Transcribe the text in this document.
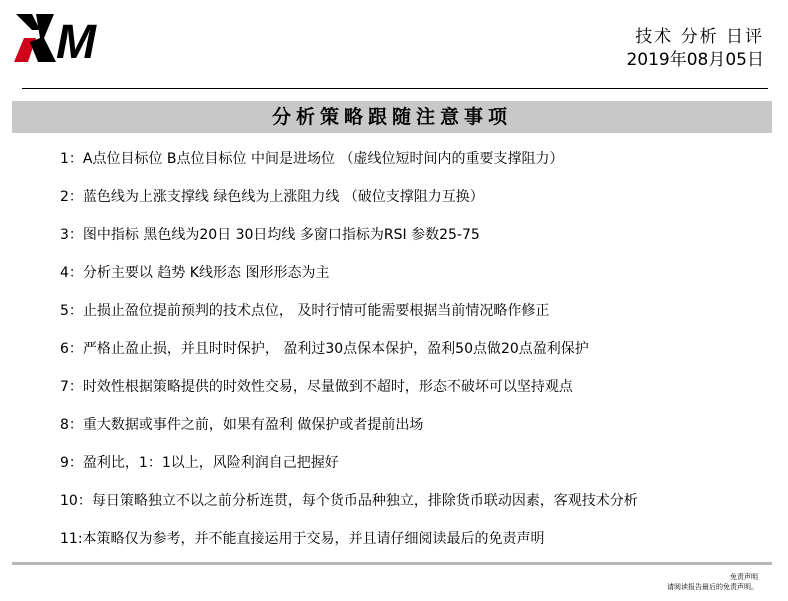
M	技术 分析 日评
2019年08月05日
分析策略跟随注意事项
1：A点位目标位 B点位目标位 中间是进场位 （虚线位短时间内的重要支撑阻力）
2：蓝色线为上涨支撑线 绿色线为上涨阻力线 （破位支撑阻力互换）
3：图中指标 黑色线为20日 30日均线 多窗口指标为RSI 参数25-75
4：分析主要以 趋势 K线形态 图形形态为主
5：止损止盈位提前预判的技术点位， 及时行情可能需要根据当前情况略作修正
6：严格止盈止损，并且时时保护， 盈利过30点保本保护，盈利50点做20点盈利保护
7：时效性根据策略提供的时效性交易，尽量做到不超时，形态不破坏可以坚持观点
8：重大数据或事件之前，如果有盈利 做保护或者提前出场
9：盈利比，1：1以上，风险利润自己把握好
10：每日策略独立不以之前分析连贯，每个货币品种独立，排除货币联动因素，客观技术分析
11:本策略仅为参考，并不能直接运用于交易，并且请仔细阅读最后的免责声明
免责声明
请阅读报告最后的免责声明。
